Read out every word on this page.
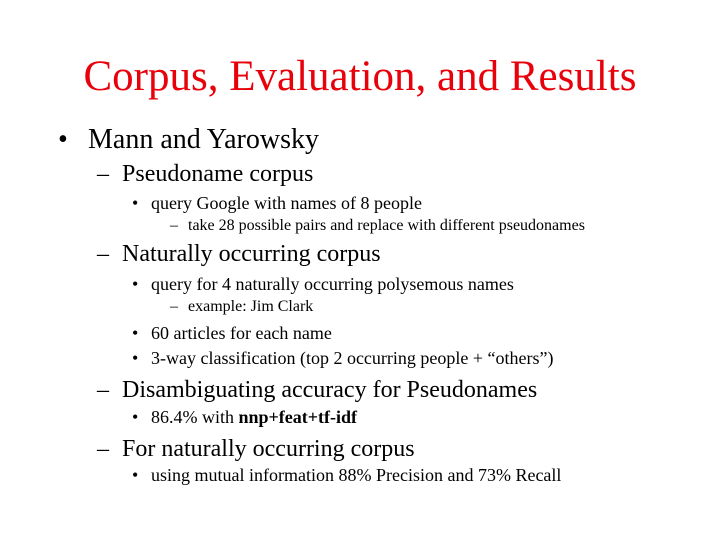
Corpus, Evaluation, and Results
• Mann and Yarowsky
– Pseudoname corpus
• query Google with names of 8 people
– take 28 possible pairs and replace with different pseudonames
– Naturally occurring corpus
• query for 4 naturally occurring polysemous names
– example: Jim Clark
• 60 articles for each name
• 3-way classification (top 2 occurring people + “others”)
– Disambiguating accuracy for Pseudonames
• 86.4% with nnp+feat+tf-idf
– For naturally occurring corpus
• using mutual information 88% Precision and 73% Recall
